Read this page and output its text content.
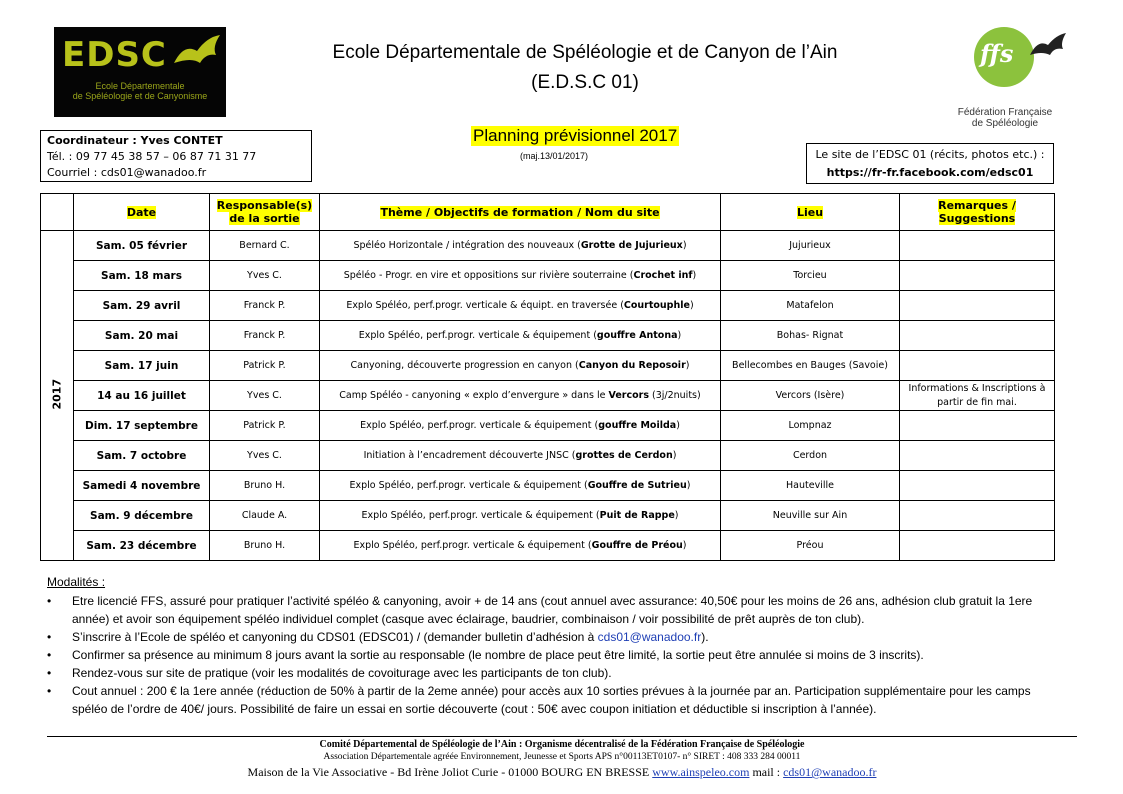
EDSC
Ecole Départementale
de Spéléologie et de Canyonisme
ffs
Fédération Française
de Spéléologie
Ecole Départementale de Spéléologie et de Canyon de l’Ain
(E.D.S.C 01)
Coordinateur : Yves CONTET
Tél. : 09 77 45 38 57 – 06 87 71 31 77
Courriel : cds01@wanadoo.fr
Planning prévisionnel 2017
(maj.13/01/2017)	Le site de l’EDSC 01 (récits, photos etc.) :
https://fr-fr.facebook.com/edsc01
	Date	Responsable(s)
de la sortie	Thème / Objectifs de formation / Nom du site	Lieu	Remarques / Suggestions

2017	Sam. 05 février	Bernard C.	Spéléo Horizontale / intégration des nouveaux (Grotte de Jujurieux)	Jujurieux	
	Sam. 18 mars	Yves C.	Spéléo - Progr. en vire et oppositions sur rivière souterraine (Crochet inf)	Torcieu	
	Sam. 29 avril	Franck P.	Explo Spéléo, perf.progr. verticale & équipt. en traversée (Courtouphle)	Matafelon	
	Sam. 20 mai	Franck P.	Explo Spéléo, perf.progr. verticale & équipement (gouffre Antona)	Bohas- Rignat	
	Sam. 17 juin	Patrick P.	Canyoning, découverte progression en canyon (Canyon du Reposoir)	Bellecombes en Bauges (Savoie)	
	14 au 16 juillet	Yves C.	Camp Spéléo - canyoning « explo d’envergure » dans le Vercors (3j/2nuits)	Vercors (Isère)	Informations & Inscriptions à partir de fin mai.
	Dim. 17 septembre	Patrick P.	Explo Spéléo, perf.progr. verticale & équipement (gouffre Moilda)	Lompnaz	
	Sam. 7 octobre	Yves C.	Initiation à l’encadrement découverte JNSC (grottes de Cerdon)	Cerdon	
	Samedi 4 novembre	Bruno H.	Explo Spéléo, perf.progr. verticale & équipement (Gouffre de Sutrieu)	Hauteville	
	Sam. 9 décembre	Claude A.	Explo Spéléo, perf.progr. verticale & équipement (Puit de Rappe)	Neuville sur Ain	
	Sam. 23 décembre	Bruno H.	Explo Spéléo, perf.progr. verticale & équipement (Gouffre de Préou)	Préou	
Modalités :
• Etre licencié FFS, assuré pour pratiquer l’activité spéléo & canyoning, avoir + de 14 ans (cout annuel avec assurance: 40,50€ pour les moins de 26 ans, adhésion club gratuit la 1ere année) et avoir son équipement spéléo individuel complet (casque avec éclairage, baudrier, combinaison / voir possibilité de prêt auprès de ton club).
• S’inscrire à l’Ecole de spéléo et canyoning du CDS01 (EDSC01) / (demander bulletin d’adhésion à cds01@wanadoo.fr).
• Confirmer sa présence au minimum 8 jours avant la sortie au responsable (le nombre de place peut être limité, la sortie peut être annulée si moins de 3 inscrits).
• Rendez-vous sur site de pratique (voir les modalités de covoiturage avec les participants de ton club).
• Cout annuel : 200 € la 1ere année (réduction de 50% à partir de la 2eme année) pour accès aux 10 sorties prévues à la journée par an. Participation supplémentaire pour les camps spéléo de l’ordre de 40€/ jours. Possibilité de faire un essai en sortie découverte (cout : 50€ avec coupon initiation et déductible si inscription à l’année).
Comité Départemental de Spéléologie de l’Ain : Organisme décentralisé de la Fédération Française de Spéléologie
Association Départementale agréée Environnement, Jeunesse et Sports APS n°00113ET0107- n° SIRET : 408 333 284 00011
Maison de la Vie Associative - Bd Irène Joliot Curie - 01000 BOURG EN BRESSE www.ainspeleo.com mail : cds01@wanadoo.fr
